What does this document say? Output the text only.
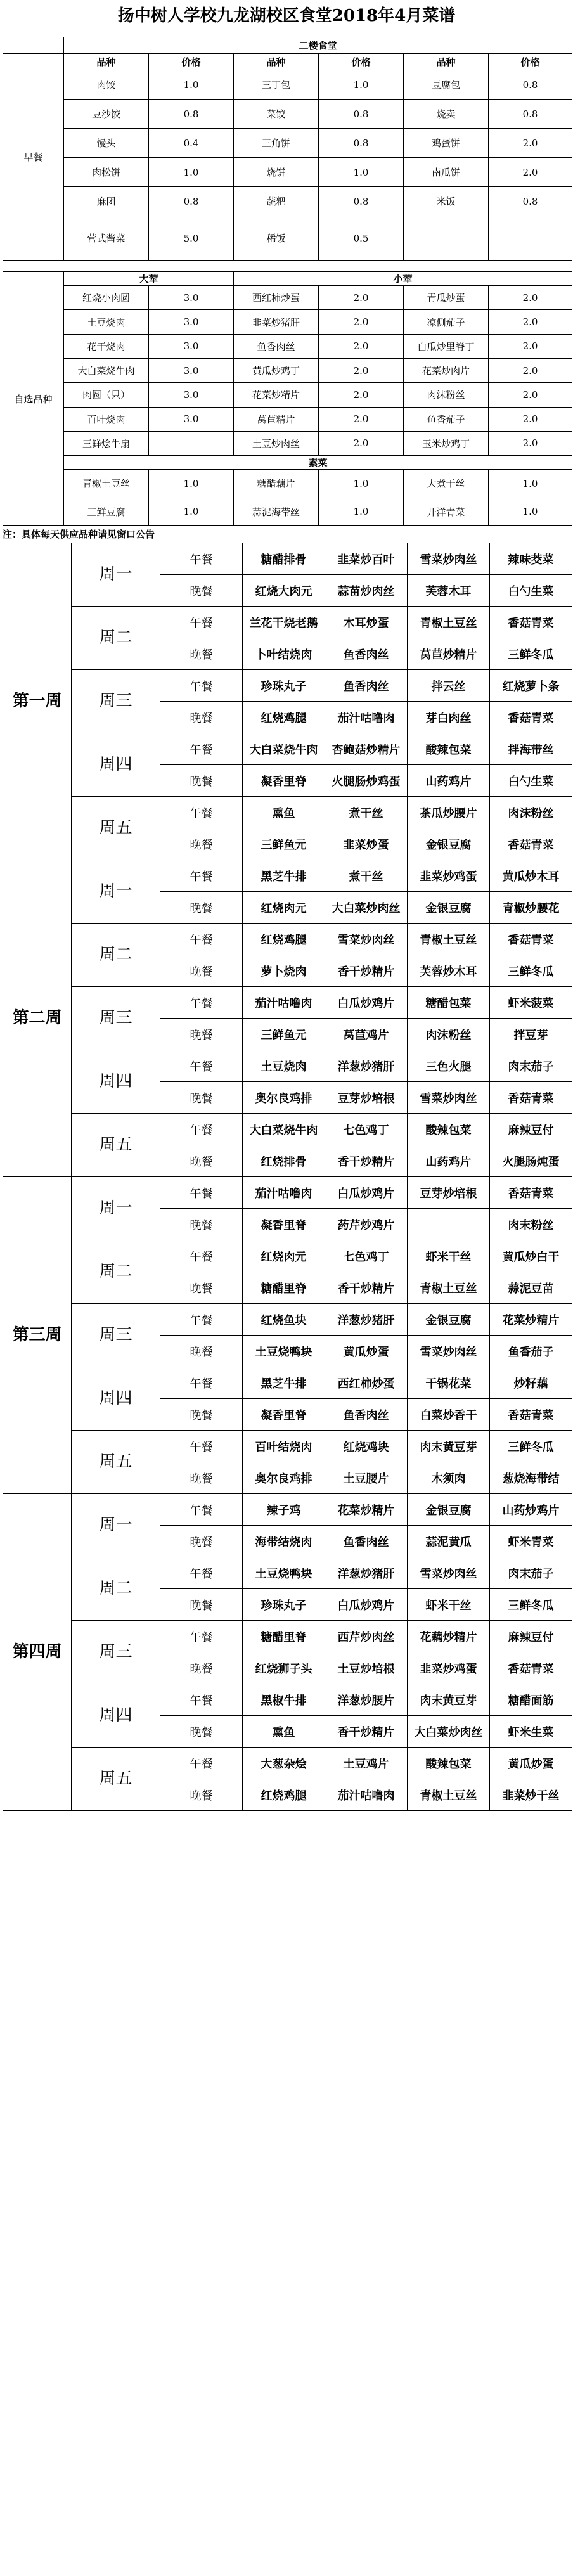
扬中树人学校九龙湖校区食堂2018年4月菜谱
	二楼食堂					
早餐	品种	价格	品种	价格	品种	价格
	肉饺	1.0	三丁包	1.0	豆腐包	0.8
	豆沙饺	0.8	菜饺	0.8	烧卖	0.8
	馒头	0.4	三角饼	0.8	鸡蛋饼	2.0
	肉松饼	1.0	烧饼	1.0	南瓜饼	2.0
	麻团	0.8	蔬粑	0.8	米饭	0.8
	营式酱菜	5.0	稀饭	0.5		
自选品种	大荤		小荤			
	红烧小肉圆	3.0	西红柿炒蛋	2.0	青瓜炒蛋	2.0
	土豆烧肉	3.0	韭菜炒猪肝	2.0	凉侧茄子	2.0
	花干烧肉	3.0	鱼香肉丝	2.0	白瓜炒里脊丁	2.0
	大白菜烧牛肉	3.0	黄瓜炒鸡丁	2.0	花菜炒肉片	2.0
	肉圆（只）	3.0	花菜炒精片	2.0	肉沫粉丝	2.0
	百叶烧肉	3.0	莴苣精片	2.0	鱼香茄子	2.0
	三鲜烩牛扇		土豆炒肉丝	2.0	玉米炒鸡丁	2.0
	素菜					
	青椒土豆丝	1.0	糖醋藕片	1.0	大煮干丝	1.0
	三鲜豆腐	1.0	蒜泥海带丝	1.0	开洋青菜	1.0
注：具体每天供应品种请见窗口公告
第一周	周一	午餐	糖醋排骨	韭菜炒百叶	雪菜炒肉丝	辣味茭菜
		晚餐	红烧大肉元	蒜苗炒肉丝	芙蓉木耳	白勺生菜
	周二	午餐	兰花干烧老鹅	木耳炒蛋	青椒土豆丝	香菇青菜
		晚餐	卜叶结烧肉	鱼香肉丝	莴苣炒精片	三鲜冬瓜
	周三	午餐	珍珠丸子	鱼香肉丝	拌云丝	红烧萝卜条
		晚餐	红烧鸡腿	茄汁咕噜肉	芽白肉丝	香菇青菜
	周四	午餐	大白菜烧牛肉	杏鲍菇炒精片	酸辣包菜	拌海带丝
		晚餐	凝香里脊	火腿肠炒鸡蛋	山药鸡片	白勺生菜
	周五	午餐	熏鱼	煮干丝	茶瓜炒腰片	肉沫粉丝
		晚餐	三鲜鱼元	韭菜炒蛋	金银豆腐	香菇青菜
第二周	周一	午餐	黑芝牛排	煮干丝	韭菜炒鸡蛋	黄瓜炒木耳
		晚餐	红烧肉元	大白菜炒肉丝	金银豆腐	青椒炒腰花
	周二	午餐	红烧鸡腿	雪菜炒肉丝	青椒土豆丝	香菇青菜
		晚餐	萝卜烧肉	香干炒精片	芙蓉炒木耳	三鲜冬瓜
	周三	午餐	茄汁咕噜肉	白瓜炒鸡片	糖醋包菜	虾米菠菜
		晚餐	三鲜鱼元	莴苣鸡片	肉沫粉丝	拌豆芽
	周四	午餐	土豆烧肉	洋葱炒猪肝	三色火腿	肉末茄子
		晚餐	奥尔良鸡排	豆芽炒培根	雪菜炒肉丝	香菇青菜
	周五	午餐	大白菜烧牛肉	七色鸡丁	酸辣包菜	麻辣豆付
		晚餐	红烧排骨	香干炒精片	山药鸡片	火腿肠炖蛋
第三周	周一	午餐	茄汁咕噜肉	白瓜炒鸡片	豆芽炒培根	香菇青菜
		晚餐	凝香里脊	药芹炒鸡片		肉末粉丝
	周二	午餐	红烧肉元	七色鸡丁	虾米干丝	黄瓜炒白干
		晚餐	糖醋里脊	香干炒精片	青椒土豆丝	蒜泥豆苗
	周三	午餐	红烧鱼块	洋葱炒猪肝	金银豆腐	花菜炒精片
		晚餐	土豆烧鸭块	黄瓜炒蛋	雪菜炒肉丝	鱼香茄子
	周四	午餐	黑芝牛排	西红柿炒蛋	干锅花菜	炒籽藕
		晚餐	凝香里脊	鱼香肉丝	白菜炒香干	香菇青菜
	周五	午餐	百叶结烧肉	红烧鸡块	肉末黄豆芽	三鲜冬瓜
		晚餐	奥尔良鸡排	土豆腰片	木须肉	葱烧海带结
第四周	周一	午餐	辣子鸡	花菜炒精片	金银豆腐	山药炒鸡片
		晚餐	海带结烧肉	鱼香肉丝	蒜泥黄瓜	虾米青菜
	周二	午餐	土豆烧鸭块	洋葱炒猪肝	雪菜炒肉丝	肉末茄子
		晚餐	珍珠丸子	白瓜炒鸡片	虾米干丝	三鲜冬瓜
	周三	午餐	糖醋里脊	西芹炒肉丝	花藕炒精片	麻辣豆付
		晚餐	红烧狮子头	土豆炒培根	韭菜炒鸡蛋	香菇青菜
	周四	午餐	黑椒牛排	洋葱炒腰片	肉末黄豆芽	糖醋面筋
		晚餐	熏鱼	香干炒精片	大白菜炒肉丝	虾米生菜
	周五	午餐	大葱杂烩	土豆鸡片	酸辣包菜	黄瓜炒蛋
		晚餐	红烧鸡腿	茄汁咕噜肉	青椒土豆丝	韭菜炒干丝
